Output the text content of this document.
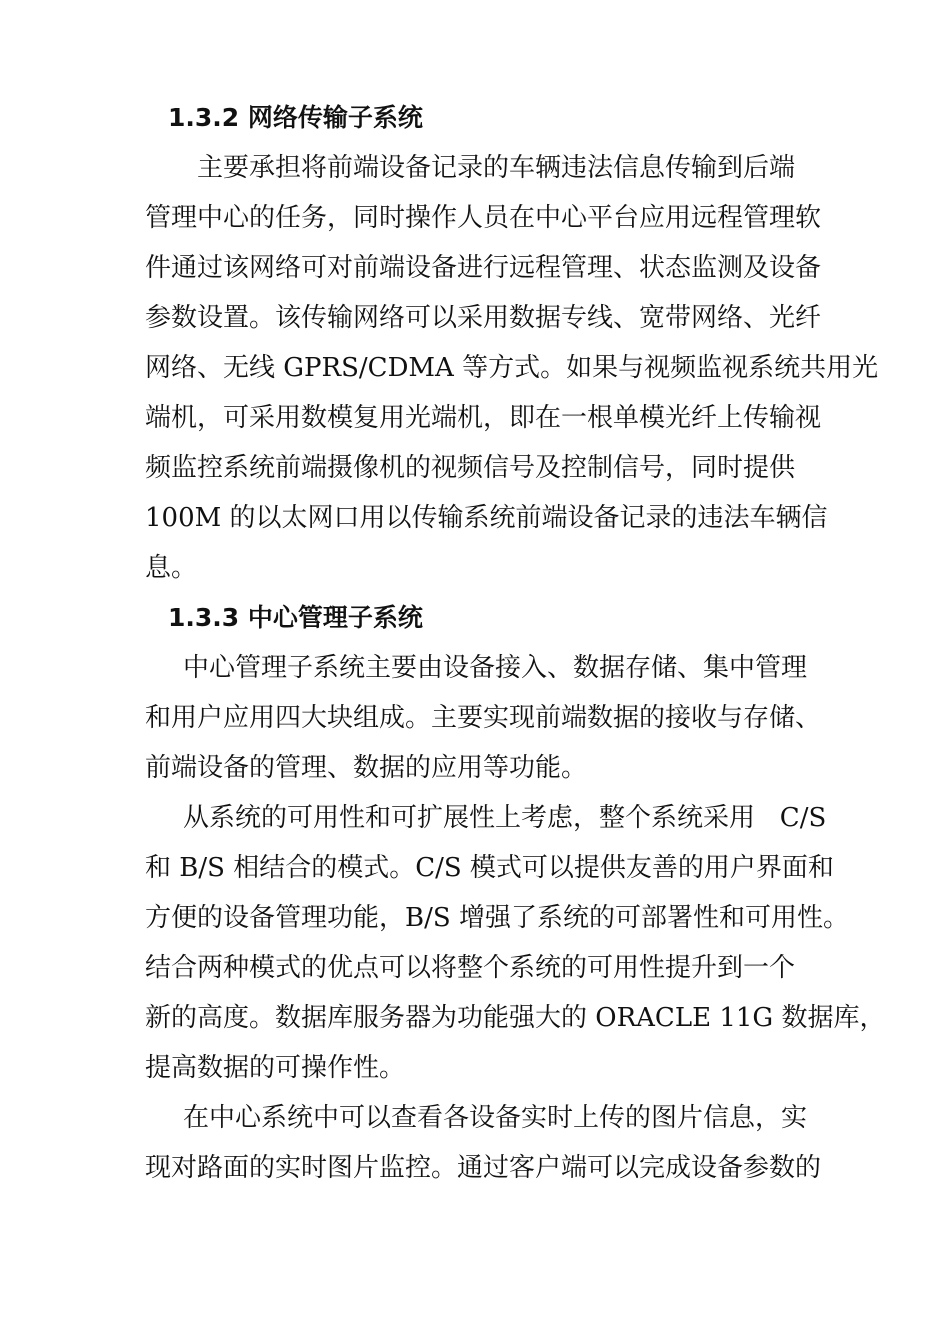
1.3.2 网络传输子系统
主要承担将前端设备记录的车辆违法信息传输到后端
管理中心的任务，同时操作人员在中心平台应用远程管理软
件通过该网络可对前端设备进行远程管理、状态监测及设备
参数设置。该传输网络可以采用数据专线、宽带网络、光纤
网络、无线 GPRS/CDMA 等方式。如果与视频监视系统共用光
端机，可采用数模复用光端机，即在一根单模光纤上传输视
频监控系统前端摄像机的视频信号及控制信号，同时提供
100M 的以太网口用以传输系统前端设备记录的违法车辆信
息。
1.3.3 中心管理子系统
中心管理子系统主要由设备接入、数据存储、集中管理
和用户应用四大块组成。主要实现前端数据的接收与存储、
前端设备的管理、数据的应用等功能。
从系统的可用性和可扩展性上考虑，整个系统采用   C/S
和 B/S 相结合的模式。C/S 模式可以提供友善的用户界面和
方便的设备管理功能，B/S 增强了系统的可部署性和可用性。
结合两种模式的优点可以将整个系统的可用性提升到一个
新的高度。数据库服务器为功能强大的 ORACLE 11G 数据库，
提高数据的可操作性。
在中心系统中可以查看各设备实时上传的图片信息，实
现对路面的实时图片监控。通过客户端可以完成设备参数的
